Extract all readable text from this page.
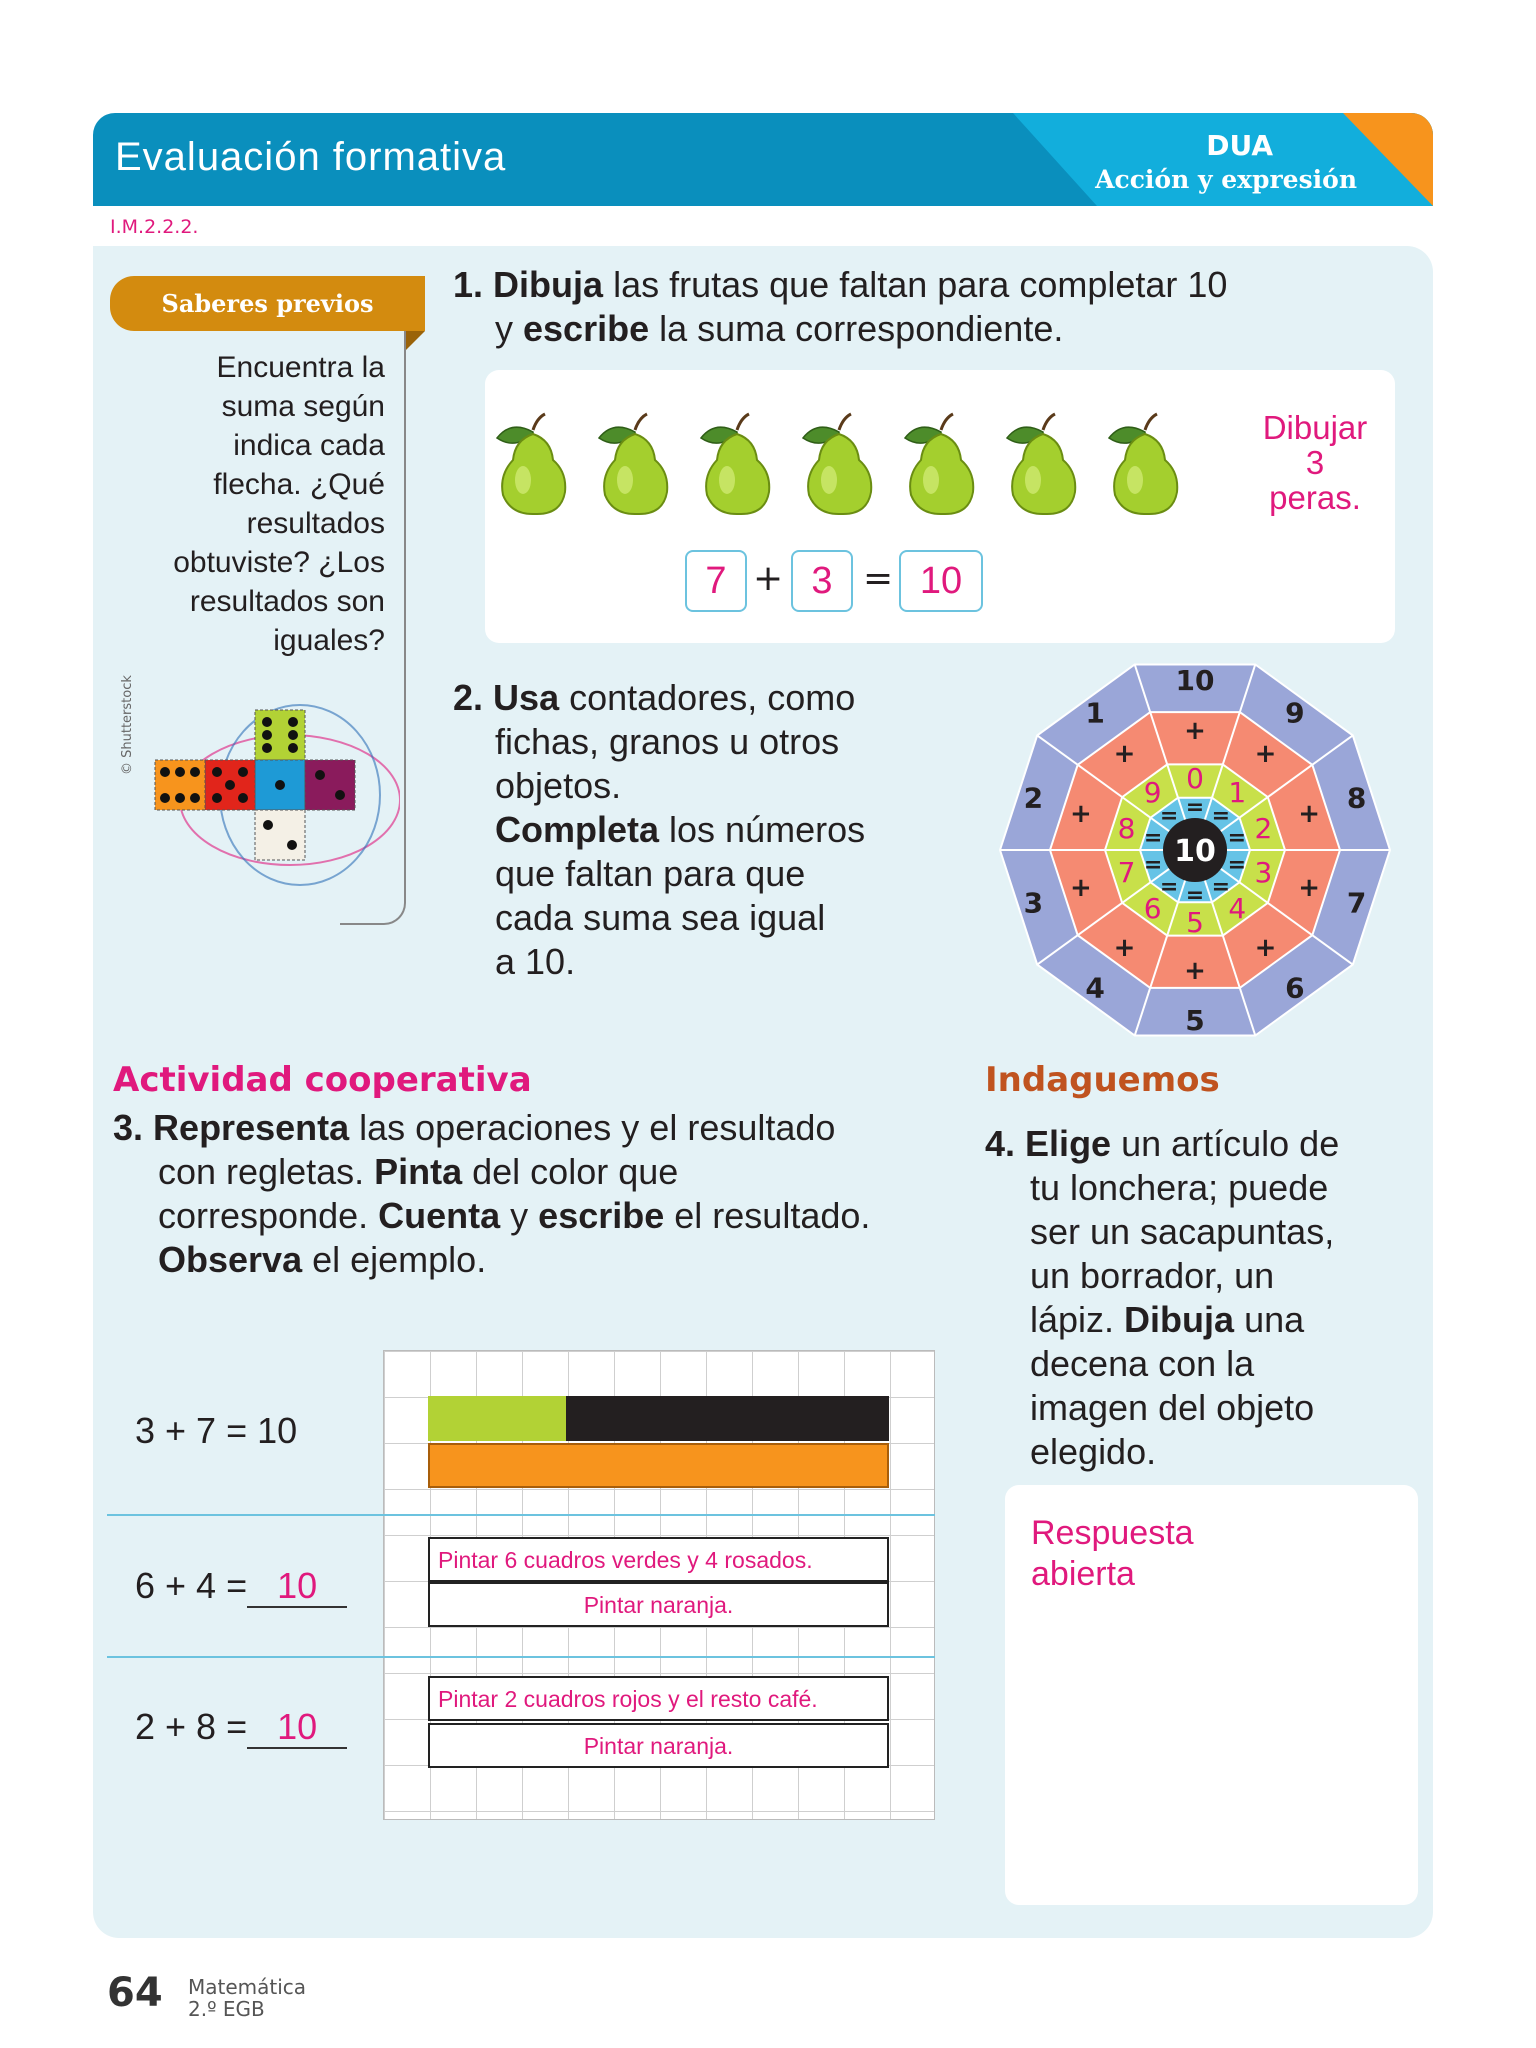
Evaluación formativa	DUA
Acción y expresión
I.M.2.2.2.
Saberes previos
Encuentra la
suma según
indica cada
flecha. ¿Qué
resultados
obtuviste? ¿Los
resultados son
iguales?
© Shutterstock
1. Dibuja las frutas que faltan para completar 10
y escribe la suma correspondiente.
Dibujar
3
peras.
7 + 3 = 10
2. Usa contadores, como
fichas, granos u otros
objetos.
Completa los números
que faltan para que
cada suma sea igual
a 10.
10
10
+
0
=
9
+
1
=
8
+
2
=
7
+
3
=
6
+
4
=
5
+
5
=
4
+
6
=
3 + 7 =
2 + 8 =
1
+
9
=
Actividad cooperativa
3. Representa las operaciones y el resultado
con regletas. Pinta del color que
corresponde. Cuenta y escribe el resultado.
Observa el ejemplo.
3 + 7 = 10
6 + 4 = 10
Pintar 6 cuadros verdes y 4 rosados.
Pintar naranja.
2 + 8 = 10
Pintar 2 cuadros rojos y el resto café.
Pintar naranja.
Indaguemos
4. Elige un artículo de
tu lonchera; puede
ser un sacapuntas,
un borrador, un
lápiz. Dibuja una
decena con la
imagen del objeto
elegido.
Respuesta
abierta
64 Matemática
2.º EGB
